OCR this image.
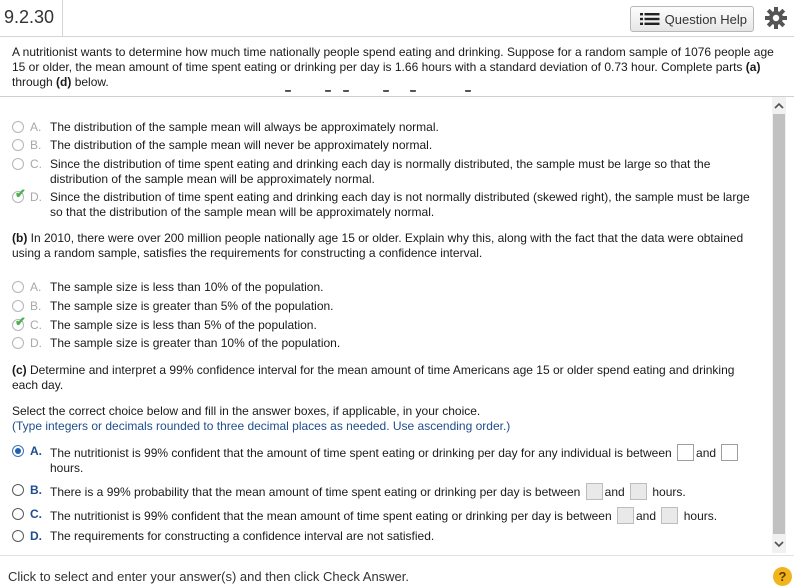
9.2.30	Question Help
A nutritionist wants to determine how much time nationally people spend eating and drinking. Suppose for a random sample of 1076 people age 15 or older, the mean amount of time spent eating or drinking per day is 1.66 hours with a standard deviation of 0.73 hour. Complete parts (a) through (d) below.
A. The distribution of the sample mean will always be approximately normal.
B. The distribution of the sample mean will never be approximately normal.
C. Since the distribution of time spent eating and drinking each day is normally distributed, the sample must be large so that the distribution of the sample mean will be approximately normal.
✔ D. Since the distribution of time spent eating and drinking each day is not normally distributed (skewed right), the sample must be large so that the distribution of the sample mean will be approximately normal.
(b) In 2010, there were over 200 million people nationally age 15 or older. Explain why this, along with the fact that the data were obtained using a random sample, satisfies the requirements for constructing a confidence interval.
A. The sample size is less than 10% of the population.
B. The sample size is greater than 5% of the population.
✔ C. The sample size is less than 5% of the population.
D. The sample size is greater than 10% of the population.
(c) Determine and interpret a 99% confidence interval for the mean amount of time Americans age 15 or older spend eating and drinking each day.
Select the correct choice below and fill in the answer boxes, if applicable, in your choice.
(Type integers or decimals rounded to three decimal places as needed. Use ascending order.)
A. The nutritionist is 99% confident that the amount of time spent eating or drinking per day for any individual is between and
hours.
B. There is a 99% probability that the mean amount of time spent eating or drinking per day is between and hours.
C. The nutritionist is 99% confident that the mean amount of time spent eating or drinking per day is between and hours.
D. The requirements for constructing a confidence interval are not satisfied.
Click to select and enter your answer(s) and then click Check Answer.	?
